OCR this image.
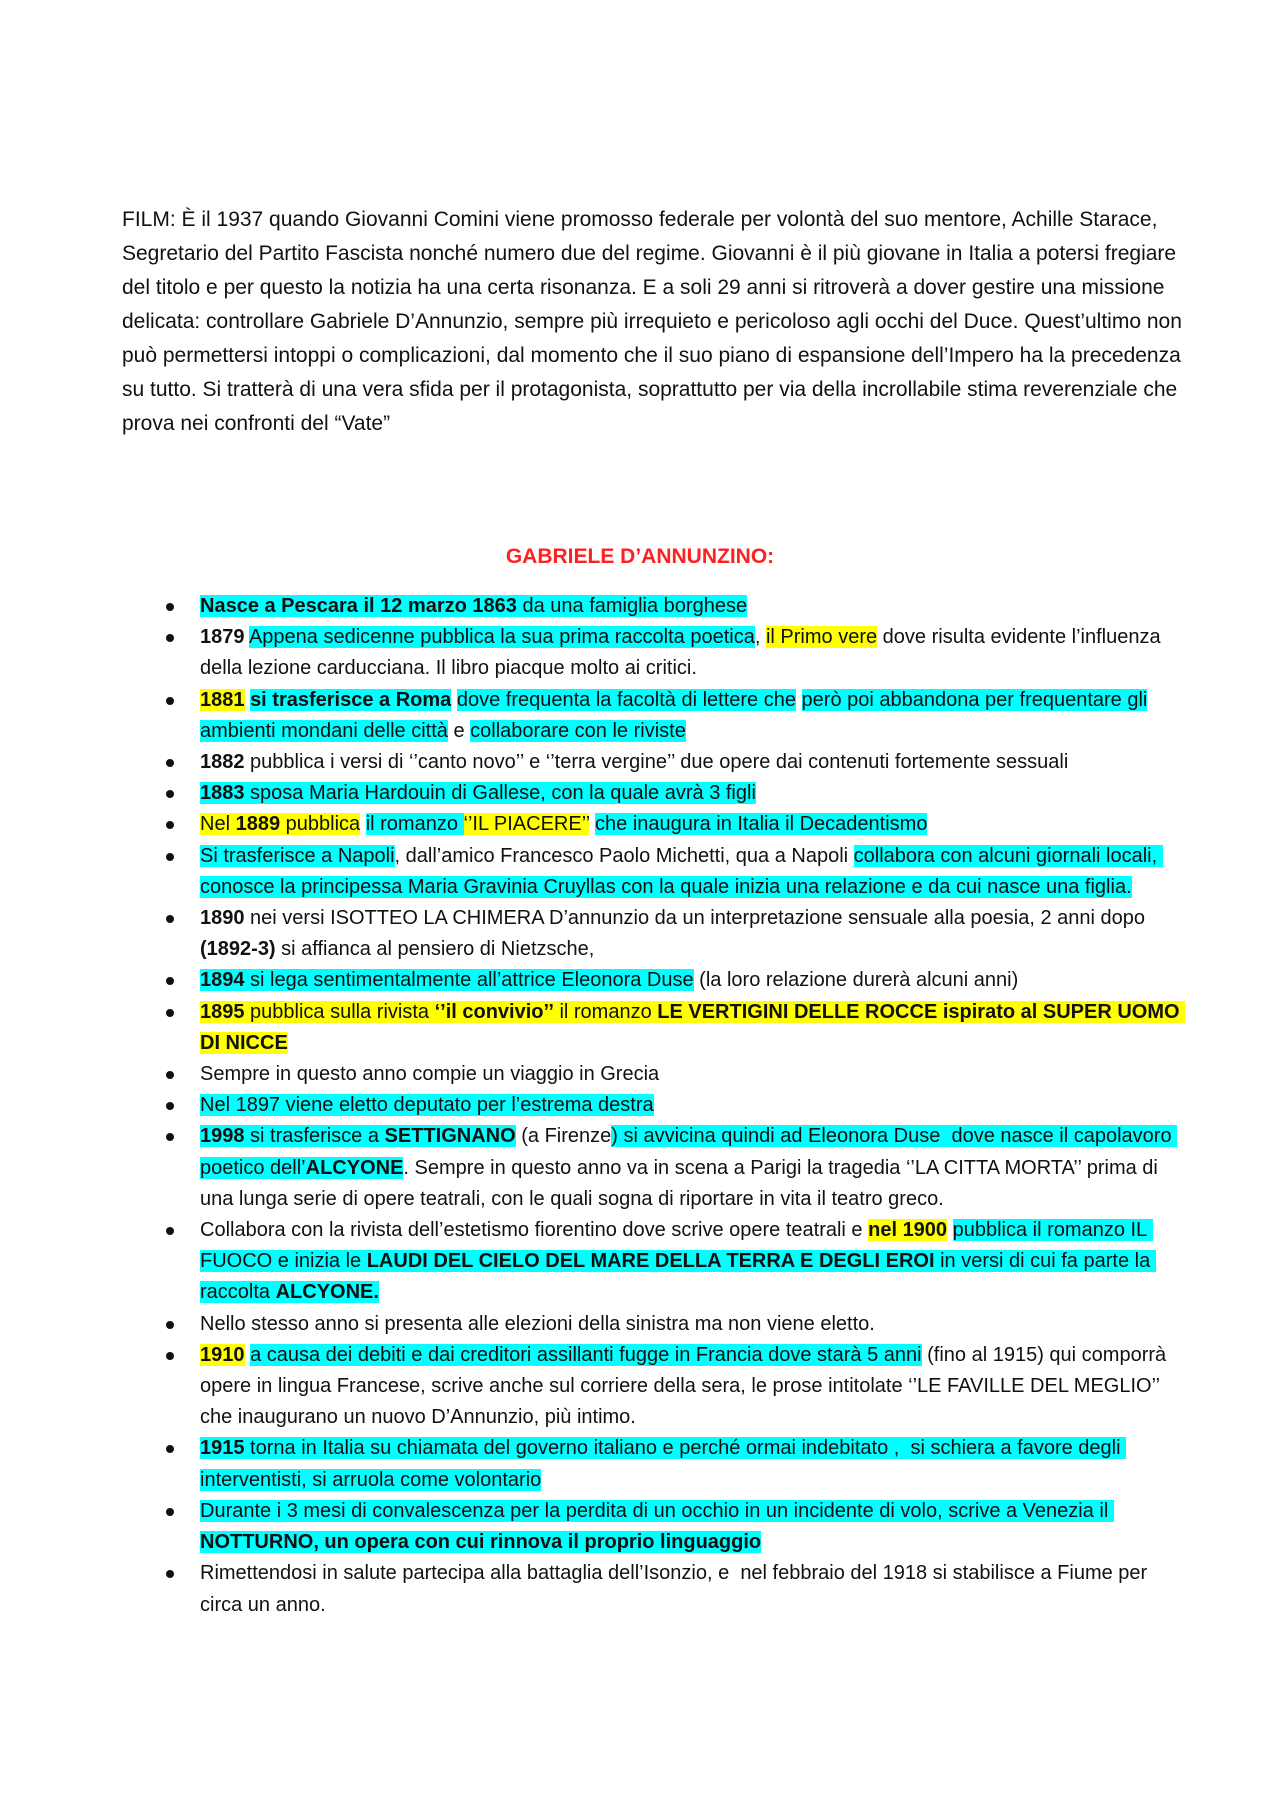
FILM: È il 1937 quando Giovanni Comini viene promosso federale per volontà del suo mentore, Achille Starace, Segretario del Partito Fascista nonché numero due del regime. Giovanni è il più giovane in Italia a potersi fregiare del titolo e per questo la notizia ha una certa risonanza. E a soli 29 anni si ritroverà a dover gestire una missione delicata: controllare Gabriele D’Annunzio, sempre più irrequieto e pericoloso agli occhi del Duce. Quest’ultimo non può permettersi intoppi o complicazioni, dal momento che il suo piano di espansione dell’Impero ha la precedenza su tutto. Si tratterà di una vera sfida per il protagonista, soprattutto per via della incrollabile stima reverenziale che prova nei confronti del “Vate”

GABRIELE D’ANNUNZINO:
Nasce a Pescara il 12 marzo 1863 da una famiglia borghese
1879 Appena sedicenne pubblica la sua prima raccolta poetica, il Primo vere dove risulta evidente l’influenza della lezione carducciana. Il libro piacque molto ai critici.
1881 si trasferisce a Roma dove frequenta la facoltà di lettere che però poi abbandona per frequentare gli ambienti mondani delle città e collaborare con le riviste
1882 pubblica i versi di ‘’canto novo’’ e ‘’terra vergine’’ due opere dai contenuti fortemente sessuali
1883 sposa Maria Hardouin di Gallese, con la quale avrà 3 figli
Nel 1889 pubblica il romanzo ‘’IL PIACERE’’ che inaugura in Italia il Decadentismo
Si trasferisce a Napoli, dall’amico Francesco Paolo Michetti, qua a Napoli collabora con alcuni giornali locali, conosce la principessa Maria Gravinia Cruyllas con la quale inizia una relazione e da cui nasce una figlia.
1890 nei versi ISOTTEO LA CHIMERA D’annunzio da un interpretazione sensuale alla poesia, 2 anni dopo (1892-3) si affianca al pensiero di Nietzsche,
1894 si lega sentimentalmente all’attrice Eleonora Duse (la loro relazione durerà alcuni anni)
1895 pubblica sulla rivista ‘’il convivio’’ il romanzo LE VERTIGINI DELLE ROCCE ispirato al SUPER UOMO DI NICCE
Sempre in questo anno compie un viaggio in Grecia
Nel 1897 viene eletto deputato per l’estrema destra
1998 si trasferisce a SETTIGNANO (a Firenze) si avvicina quindi ad Eleonora Duse  dove nasce il capolavoro poetico dell’ALCYONE. Sempre in questo anno va in scena a Parigi la tragedia ‘’LA CITTA MORTA’’ prima di una lunga serie di opere teatrali, con le quali sogna di riportare in vita il teatro greco.
Collabora con la rivista dell’estetismo fiorentino dove scrive opere teatrali e nel 1900 pubblica il romanzo IL FUOCO e inizia le LAUDI DEL CIELO DEL MARE DELLA TERRA E DEGLI EROI in versi di cui fa parte la raccolta ALCYONE.
Nello stesso anno si presenta alle elezioni della sinistra ma non viene eletto.
1910 a causa dei debiti e dai creditori assillanti fugge in Francia dove starà 5 anni (fino al 1915) qui comporrà opere in lingua Francese, scrive anche sul corriere della sera, le prose intitolate ‘’LE FAVILLE DEL MEGLIO’’ che inaugurano un nuovo D’Annunzio, più intimo.
1915 torna in Italia su chiamata del governo italiano e perché ormai indebitato ,  si schiera a favore degli interventisti, si arruola come volontario
Durante i 3 mesi di convalescenza per la perdita di un occhio in un incidente di volo, scrive a Venezia il NOTTURNO, un opera con cui rinnova il proprio linguaggio
Rimettendosi in salute partecipa alla battaglia dell’Isonzio, e  nel febbraio del 1918 si stabilisce a Fiume per circa un anno.
